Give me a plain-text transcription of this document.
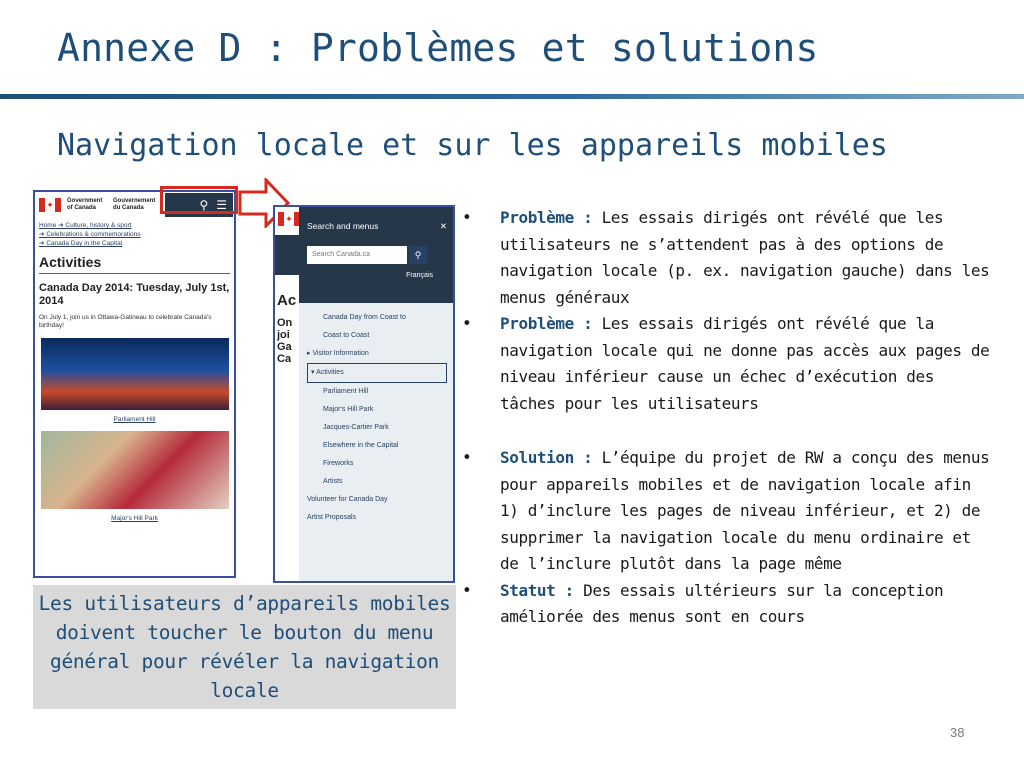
Annexe D : Problèmes et solutions
Navigation locale et sur les appareils mobiles
✦ Government of Canada
Gouvernement du Canada	⚲ ☰
Home ➔ Culture, history & sport
➔ Celebrations & commemorations
➔ Canada Day in the Capital
Activities
Canada Day 2014: Tuesday, July 1st, 2014
On July 1, join us in Ottawa-Gatineau to celebrate Canada's birthday!
Parliament Hill
Major's Hill Park
✦
Ac
On
joi
Ga
Ca
Search and menus	✕
Search Canada.ca	⚲
Français
Canada Day from Coast to
Coast to Coast
▸ Visitor Information
▾ Activities
Parliament Hill
Major's Hill Park
Jacques-Cartier Park
Elsewhere in the Capital
Fireworks
Artists
Volunteer for Canada Day
Artist Proposals
Les utilisateurs d’appareils mobiles doivent toucher le bouton du menu général pour révéler la navigation locale
• Problème : Les essais dirigés ont révélé que les utilisateurs ne s’attendent pas à des options de navigation locale (p. ex. navigation gauche) dans les menus généraux
• Problème : Les essais dirigés ont révélé que la navigation locale qui ne donne pas accès aux pages de niveau inférieur cause un échec d’exécution des tâches pour les utilisateurs
• Solution : L’équipe du projet de RW a conçu des menus pour appareils mobiles et de navigation locale afin 1) d’inclure les pages de niveau inférieur, et 2) de supprimer la navigation locale du menu ordinaire et de l’inclure plutôt dans la page même
• Statut : Des essais ultérieurs sur la conception améliorée des menus sont en cours
38
